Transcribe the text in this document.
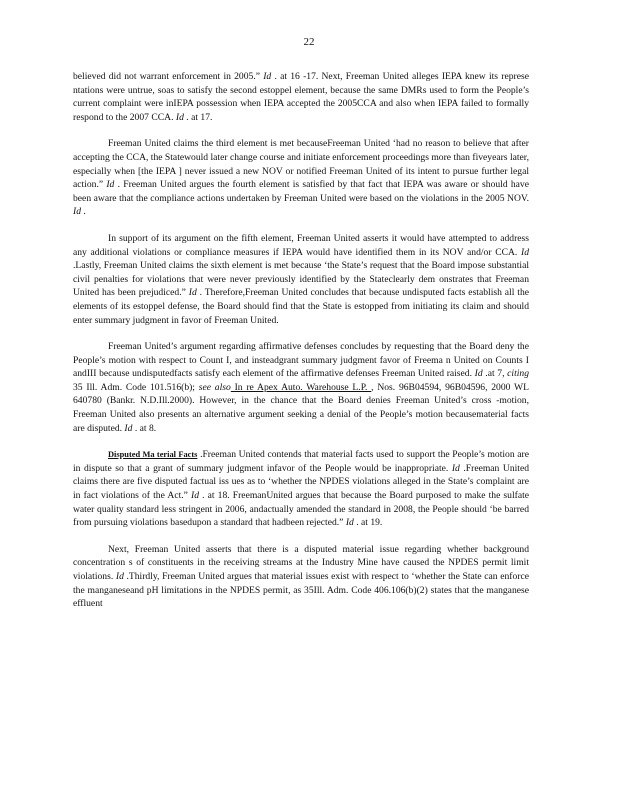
22

believed did not warrant enforcement in 2005.” Id . at 16 -17. Next, Freeman United alleges IEPA knew its represe ntations were untrue, soas to satisfy the second estoppel element, because the same DMRs used to form the People’s current complaint were inIEPA possession when IEPA accepted the 2005CCA and also when IEPA failed to formally respond to the 2007 CCA. Id . at 17.

Freeman United claims the third element is met becauseFreeman United ‘had no reason to believe that after accepting the CCA, the Statewould later change course and initiate enforcement proceedings more than fiveyears later, especially when [the IEPA ] never issued a new NOV or notified Freeman United of its intent to pursue further legal action.” Id . Freeman United argues the fourth element is satisfied by that fact that IEPA was aware or should have been aware that the compliance actions undertaken by Freeman United were based on the violations in the 2005 NOV. Id .

In support of its argument on the fifth element, Freeman United asserts it would have attempted to address any additional violations or compliance measures if IEPA would have identified them in its NOV and/or CCA. Id .Lastly, Freeman United claims the sixth element is met because ‘the State’s request that the Board impose substantial civil penalties for violations that were never previously identified by the Stateclearly dem onstrates that Freeman United has been prejudiced.” Id . Therefore,Freeman United concludes that because undisputed facts establish all the elements of its estoppel defense, the Board should find that the State is estopped from initiating its claim and should enter summary judgment in favor of Freeman United.

Freeman United’s argument regarding affirmative defenses concludes by requesting that the Board deny the People’s motion with respect to Count I, and insteadgrant summary judgment favor of Freema n United on Counts I andIII because undisputedfacts satisfy each element of the affirmative defenses Freeman United raised. Id .at 7, citing 35 Ill. Adm. Code 101.516(b); see also In re Apex Auto. Warehouse L.P. , Nos. 96B04594, 96B04596, 2000 WL 640780 (Bankr. N.D.Ill.2000). However, in the chance that the Board denies Freeman United’s cross -motion, Freeman United also presents an alternative argument seeking a denial of the People’s motion becausematerial facts are disputed. Id . at 8.

Disputed Ma terial Facts .Freeman United contends that material facts used to support the People’s motion are in dispute so that a grant of summary judgment infavor of the People would be inappropriate. Id .Freeman United claims there are five disputed factual iss ues as to ‘whether the NPDES violations alleged in the State’s complaint are in fact violations of the Act.” Id . at 18. FreemanUnited argues that because the Board purposed to make the sulfate water quality standard less stringent in 2006, andactually amended the standard in 2008, the People should ‘be barred from pursuing violations basedupon a standard that hadbeen rejected.” Id . at 19.

Next, Freeman United asserts that there is a disputed material issue regarding whether background concentration s of constituents in the receiving streams at the Industry Mine have caused the NPDES permit limit violations. Id .Thirdly, Freeman United argues that material issues exist with respect to ‘whether the State can enforce the manganeseand pH limitations in the NPDES permit, as 35Ill. Adm. Code 406.106(b)(2) states that the manganese effluent
